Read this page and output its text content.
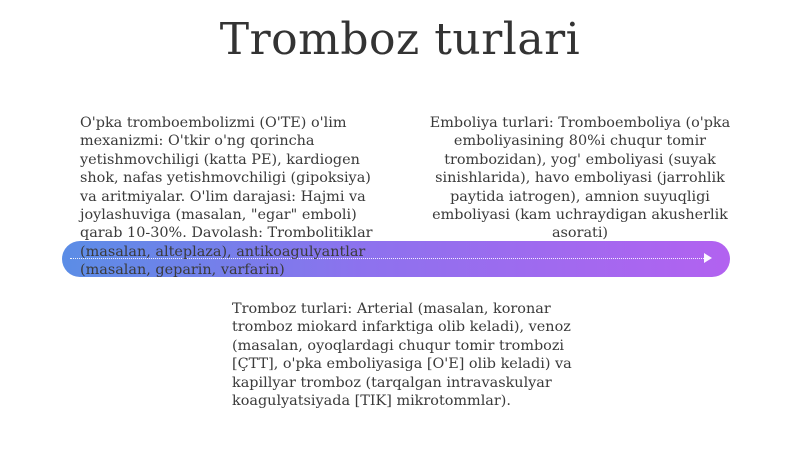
Tromboz turlari

O'pka tromboembolizmi (O'TE) o'lim mexanizmi: O'tkir o'ng qorincha yetishmovchiligi (katta PE), kardiogen shok, nafas yetishmovchiligi (gipoksiya) va aritmiyalar. O'lim darajasi: Hajmi va joylashuviga (masalan, "egar" emboli) qarab 10-30%. Davolash: Trombolitiklar (masalan, alteplaza), antikoagulyantlar (masalan, geparin, varfarin)

Emboliya turlari: Tromboemboliya (o'pka emboliyasining 80%i chuqur tomir trombozidan), yog' emboliyasi (suyak sinishlarida), havo emboliyasi (jarrohlik paytida iatrogen), amnion suyuqligi emboliyasi (kam uchraydigan akusherlik asorati)

Tromboz turlari: Arterial (masalan, koronar tromboz miokard infarktiga olib keladi), venoz (masalan, oyoqlardagi chuqur tomir trombozi [ÇTT], o'pka emboliyasiga [O'E] olib keladi) va kapillyar tromboz (tarqalgan intravaskulyar koagulyatsiyada [TIK] mikrotommlar).
